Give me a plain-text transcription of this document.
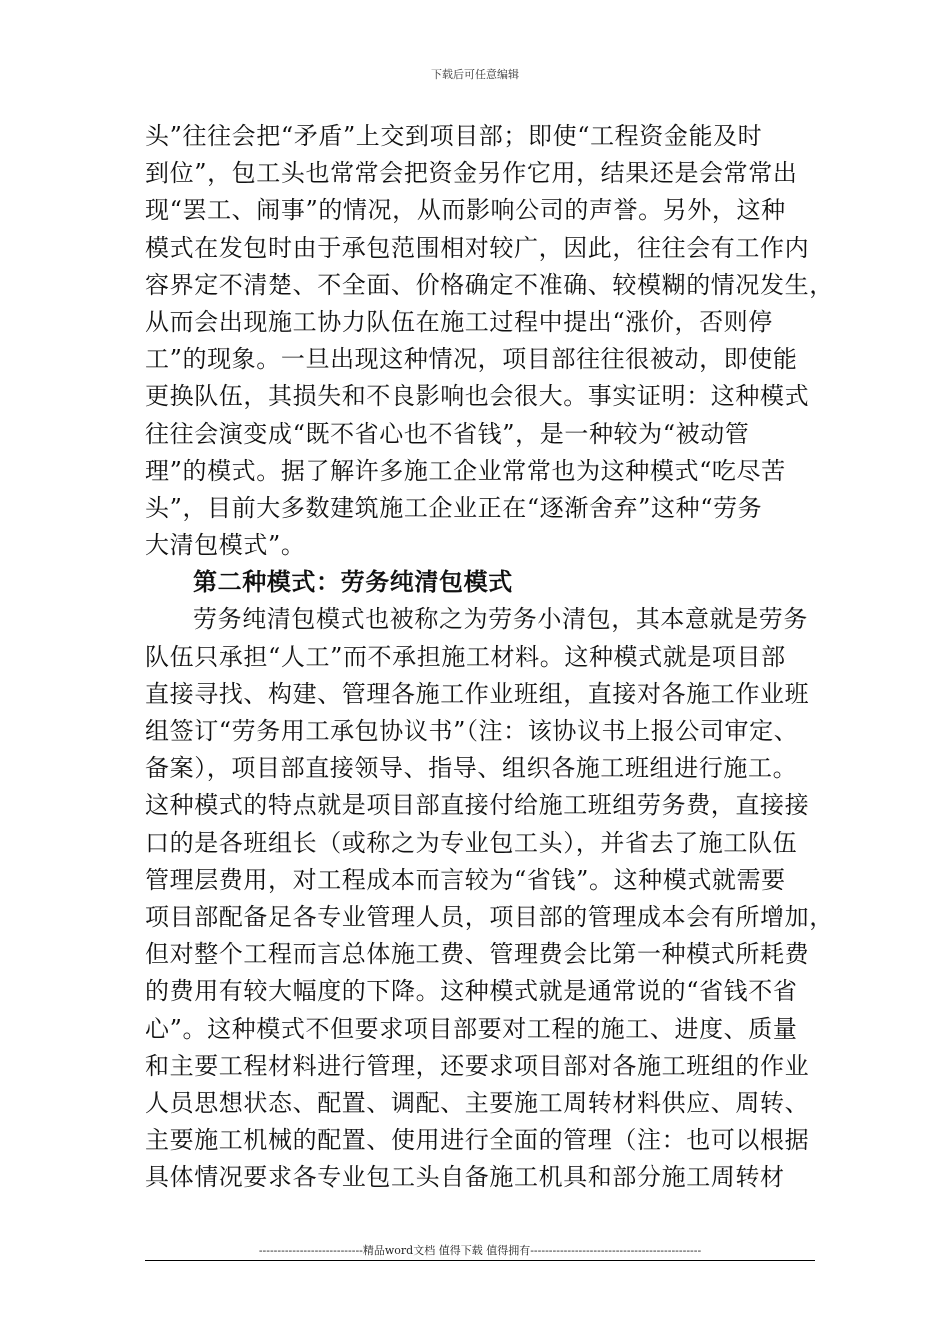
下载后可任意编辑
头”往往会把“矛盾”上交到项目部；即使“工程资金能及时
到位”，包工头也常常会把资金另作它用，结果还是会常常出
现“罢工、闹事”的情况，从而影响公司的声誉。另外，这种
模式在发包时由于承包范围相对较广，因此，往往会有工作内
容界定不清楚、不全面、价格确定不准确、较模糊的情况发生，
从而会出现施工协力队伍在施工过程中提出“涨价，否则停
工”的现象。一旦出现这种情况，项目部往往很被动，即使能
更换队伍，其损失和不良影响也会很大。事实证明：这种模式
往往会演变成“既不省心也不省钱”，是一种较为“被动管
理”的模式。据了解许多施工企业常常也为这种模式“吃尽苦
头”，目前大多数建筑施工企业正在“逐渐舍弃”这种“劳务
大清包模式”。
第二种模式：劳务纯清包模式
劳务纯清包模式也被称之为劳务小清包，其本意就是劳务
队伍只承担“人工”而不承担施工材料。这种模式就是项目部
直接寻找、构建、管理各施工作业班组，直接对各施工作业班
组签订“劳务用工承包协议书”（注：该协议书上报公司审定、
备案），项目部直接领导、指导、组织各施工班组进行施工。
这种模式的特点就是项目部直接付给施工班组劳务费，直接接
口的是各班组长（或称之为专业包工头），并省去了施工队伍
管理层费用，对工程成本而言较为“省钱”。这种模式就需要
项目部配备足各专业管理人员，项目部的管理成本会有所增加，
但对整个工程而言总体施工费、管理费会比第一种模式所耗费
的费用有较大幅度的下降。这种模式就是通常说的“省钱不省
心”。这种模式不但要求项目部要对工程的施工、进度、质量
和主要工程材料进行管理，还要求项目部对各施工班组的作业
人员思想状态、配置、调配、主要施工周转材料供应、周转、
主要施工机械的配置、使用进行全面的管理（注：也可以根据
具体情况要求各专业包工头自备施工机具和部分施工周转材
----------------------------精品word文档 值得下载 值得拥有----------------------------------------------
